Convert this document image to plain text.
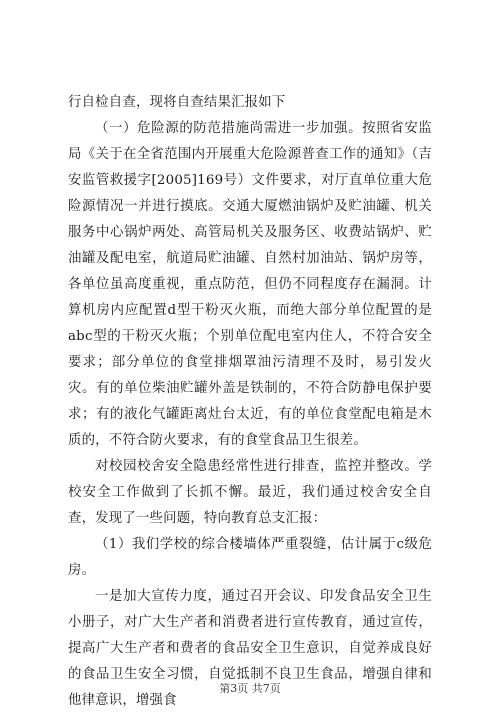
行自检自查，现将自查结果汇报如下

（一）危险源的防范措施尚需进一步加强。按照省安监局《关于在全省范围内开展重大危险源普查工作的通知》（吉安监管救援字[2005]169号）文件要求，对厅直单位重大危险源情况一并进行摸底。交通大厦燃油锅炉及贮油罐、机关服务中心锅炉两处、高管局机关及服务区、收费站锅炉、贮油罐及配电室，航道局贮油罐、自然村加油站、锅炉房等，各单位虽高度重视，重点防范，但仍不同程度存在漏洞。计算机房内应配置d型干粉灭火瓶，而绝大部分单位配置的是abc型的干粉灭火瓶；个别单位配电室内住人，不符合安全要求；部分单位的食堂排烟罩油污清理不及时，易引发火灾。有的单位柴油贮罐外盖是铁制的，不符合防静电保护要求；有的液化气罐距离灶台太近，有的单位食堂配电箱是木质的，不符合防火要求，有的食堂食品卫生很差。

对校园校舍安全隐患经常性进行排查，监控并整改。学校安全工作做到了长抓不懈。最近，我们通过校舍安全自查，发现了一些问题，特向教育总支汇报：

（1）我们学校的综合楼墙体严重裂缝，估计属于c级危房。

一是加大宣传力度，通过召开会议、印发食品安全卫生小册子，对广大生产者和消费者进行宣传教育，通过宣传，提高广大生产者和费者的食品安全卫生意识，自觉养成良好的食品卫生安全习惯，自觉抵制不良卫生食品，增强自律和他律意识，增强食

第3页 共7页
